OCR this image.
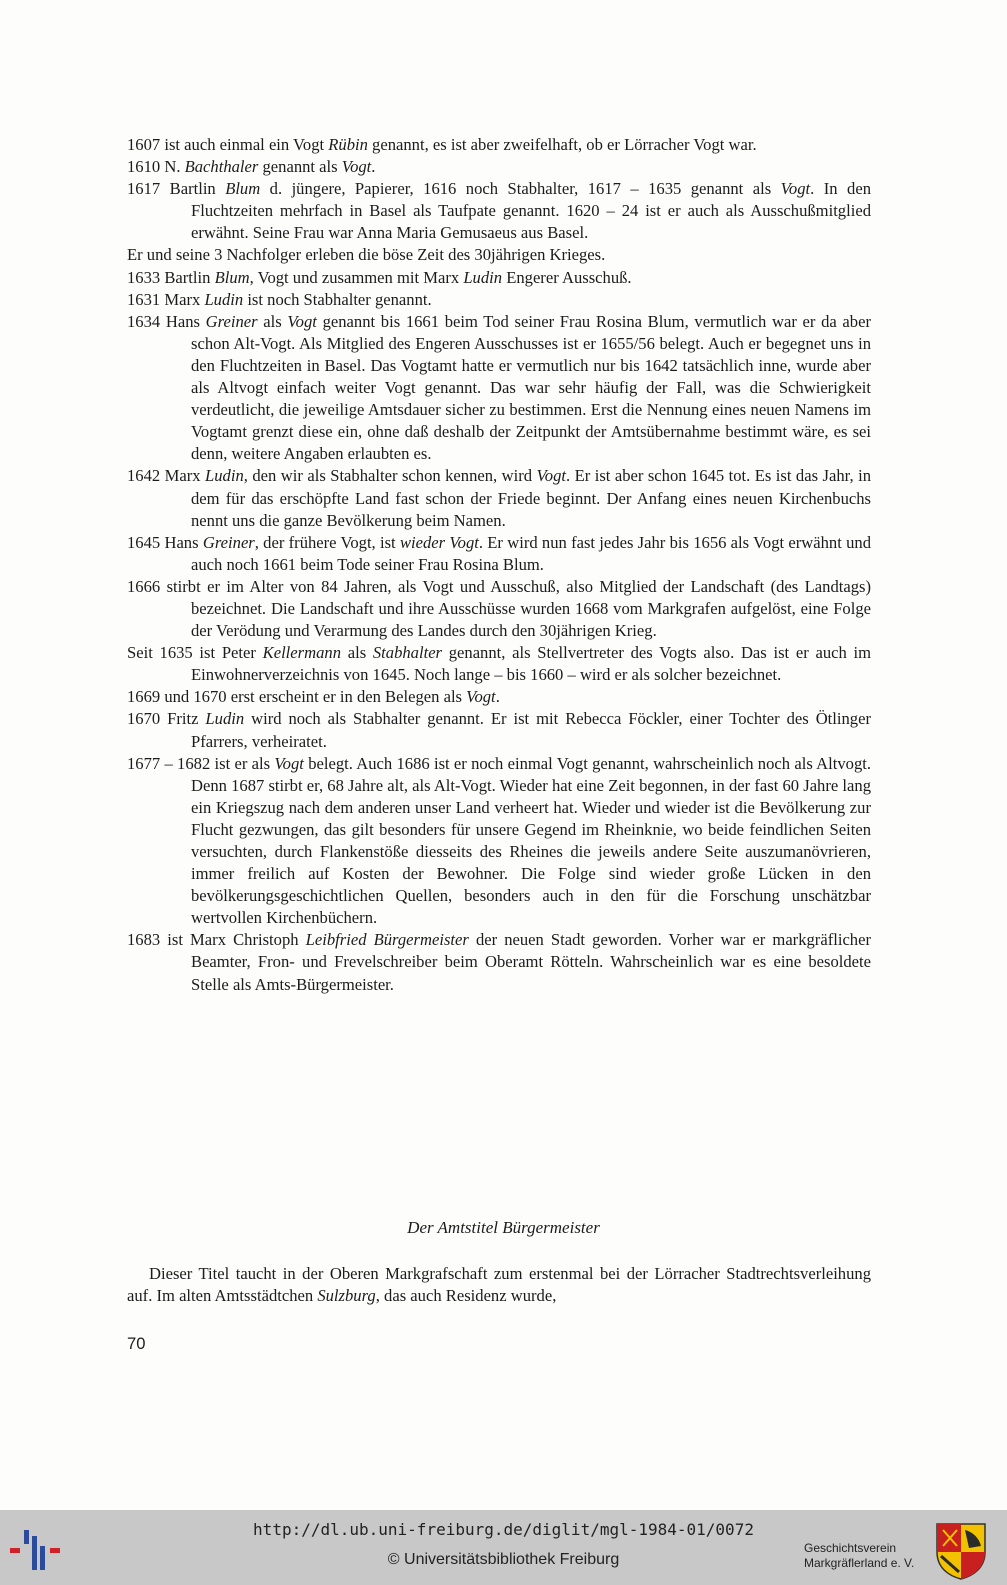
1607 ist auch einmal ein Vogt Rübin genannt, es ist aber zweifelhaft, ob er Lörracher Vogt war.
1610 N. Bachthaler genannt als Vogt.
1617 Bartlin Blum d. jüngere, Papierer, 1616 noch Stabhalter, 1617 – 1635 genannt als Vogt. In den Fluchtzeiten mehrfach in Basel als Taufpate genannt. 1620 – 24 ist er auch als Ausschußmitglied erwähnt. Seine Frau war Anna Maria Gemusaeus aus Basel.
Er und seine 3 Nachfolger erleben die böse Zeit des 30jährigen Krieges.
1633 Bartlin Blum, Vogt und zusammen mit Marx Ludin Engerer Ausschuß.
1631 Marx Ludin ist noch Stabhalter genannt.
1634 Hans Greiner als Vogt genannt bis 1661 beim Tod seiner Frau Rosina Blum, vermutlich war er da aber schon Alt-Vogt. Als Mitglied des Engeren Ausschusses ist er 1655/56 belegt. Auch er begegnet uns in den Fluchtzeiten in Basel. Das Vogtamt hatte er vermutlich nur bis 1642 tatsächlich inne, wurde aber als Altvogt einfach weiter Vogt genannt. Das war sehr häufig der Fall, was die Schwierigkeit verdeutlicht, die jeweilige Amtsdauer sicher zu bestimmen. Erst die Nennung eines neuen Namens im Vogtamt grenzt diese ein, ohne daß deshalb der Zeitpunkt der Amtsübernahme bestimmt wäre, es sei denn, weitere Angaben erlaubten es.
1642 Marx Ludin, den wir als Stabhalter schon kennen, wird Vogt. Er ist aber schon 1645 tot. Es ist das Jahr, in dem für das erschöpfte Land fast schon der Friede beginnt. Der Anfang eines neuen Kirchenbuchs nennt uns die ganze Bevölkerung beim Namen.
1645 Hans Greiner, der frühere Vogt, ist wieder Vogt. Er wird nun fast jedes Jahr bis 1656 als Vogt erwähnt und auch noch 1661 beim Tode seiner Frau Rosina Blum.
1666 stirbt er im Alter von 84 Jahren, als Vogt und Ausschuß, also Mitglied der Landschaft (des Landtags) bezeichnet. Die Landschaft und ihre Ausschüsse wurden 1668 vom Markgrafen aufgelöst, eine Folge der Verödung und Verarmung des Landes durch den 30jährigen Krieg.
Seit 1635 ist Peter Kellermann als Stabhalter genannt, als Stellvertreter des Vogts also. Das ist er auch im Einwohnerverzeichnis von 1645. Noch lange – bis 1660 – wird er als solcher bezeichnet.
1669 und 1670 erst erscheint er in den Belegen als Vogt.
1670 Fritz Ludin wird noch als Stabhalter genannt. Er ist mit Rebecca Föckler, einer Tochter des Ötlinger Pfarrers, verheiratet.
1677 – 1682 ist er als Vogt belegt. Auch 1686 ist er noch einmal Vogt genannt, wahrscheinlich noch als Altvogt. Denn 1687 stirbt er, 68 Jahre alt, als Alt-Vogt. Wieder hat eine Zeit begonnen, in der fast 60 Jahre lang ein Kriegszug nach dem anderen unser Land verheert hat. Wieder und wieder ist die Bevölkerung zur Flucht gezwungen, das gilt besonders für unsere Gegend im Rheinknie, wo beide feindlichen Seiten versuchten, durch Flankenstöße diesseits des Rheines die jeweils andere Seite auszumanövrieren, immer freilich auf Kosten der Bewohner. Die Folge sind wieder große Lücken in den bevölkerungsgeschichtlichen Quellen, besonders auch in den für die Forschung unschätzbar wertvollen Kirchenbüchern.
1683 ist Marx Christoph Leibfried Bürgermeister der neuen Stadt geworden. Vorher war er markgräflicher Beamter, Fron- und Frevelschreiber beim Oberamt Rötteln. Wahrscheinlich war es eine besoldete Stelle als Amts-Bürgermeister.
Der Amtstitel Bürgermeister
Dieser Titel taucht in der Oberen Markgrafschaft zum erstenmal bei der Lörracher Stadtrechtsverleihung auf. Im alten Amtsstädtchen Sulzburg, das auch Residenz wurde,
70
http://dl.ub.uni-freiburg.de/diglit/mgl-1984-01/0072
© Universitätsbibliothek Freiburg
Geschichtsverein
Markgräflerland e. V.
